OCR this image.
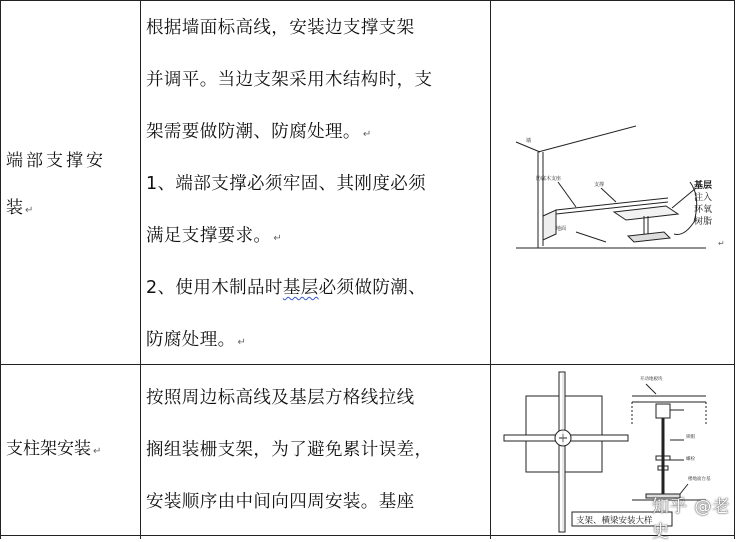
端部支撑安
装 ↵

根据墙面标高线，安装边支撑支架

并调平。当边支架采用木结构时，支

架需要做防潮、防腐处理。 ↵

1、端部支撑必须牢固、其刚度必须

满足支撑要求。 ↵

2、使用木制品时基层必须做防潮、

防腐处理。 ↵

墙
防腐木支座
支撑
地面
基层
注入
环氧
树脂
↵
支柱架安装 ↵

按照周边标高线及基层方格线拉线

搁组装栅支架，为了避免累计误差，

安装顺序由中间向四周安装。基座

开动地板块
锁帽
螺栓
楼地面台基
支架、横梁安装大样
知乎 @老史
